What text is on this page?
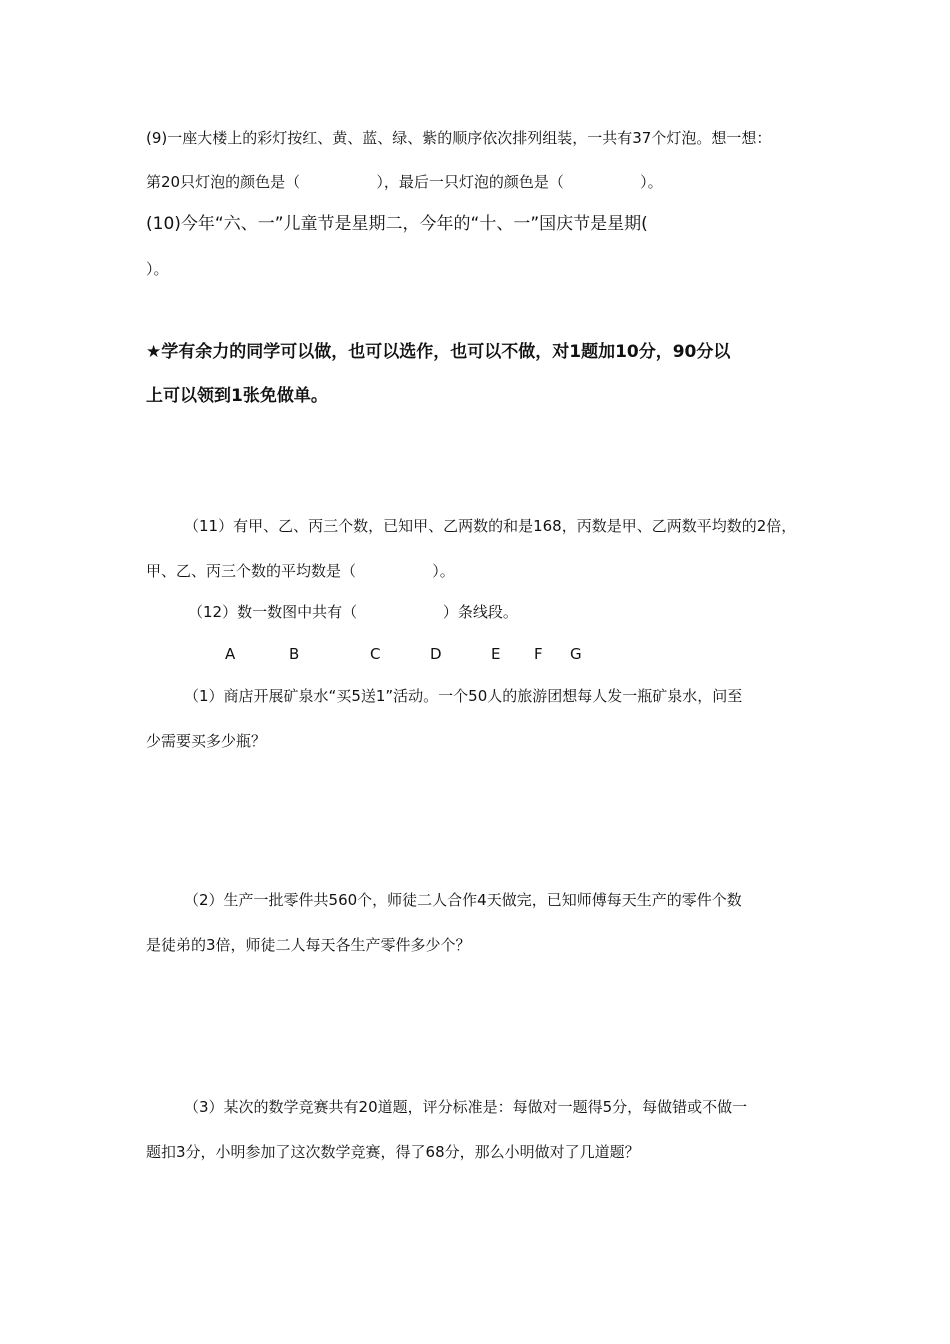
(9)一座大楼上的彩灯按红、黄、蓝、绿、紫的顺序依次排列组装，一共有37个灯泡。想一想：
第20只灯泡的颜色是（                ），最后一只灯泡的颜色是（                ）。
(10)今年“六、一”儿童节是星期二，今年的“十、一”国庆节是星期(
）。
★学有余力的同学可以做，也可以选作，也可以不做，对1题加10分，90分以
上可以领到1张免做单。
（11）有甲、乙、丙三个数，已知甲、乙两数的和是168，丙数是甲、乙两数平均数的2倍，
甲、乙、丙三个数的平均数是（                ）。
（12）数一数图中共有（                  ）条线段。
A	B	C	D	E F G
（1）商店开展矿泉水“买5送1”活动。一个50人的旅游团想每人发一瓶矿泉水，问至
少需要买多少瓶？
（2）生产一批零件共560个，师徒二人合作4天做完，已知师傅每天生产的零件个数
是徒弟的3倍，师徒二人每天各生产零件多少个？
（3）某次的数学竞赛共有20道题，评分标准是：每做对一题得5分，每做错或不做一
题扣3分，小明参加了这次数学竞赛，得了68分，那么小明做对了几道题？
